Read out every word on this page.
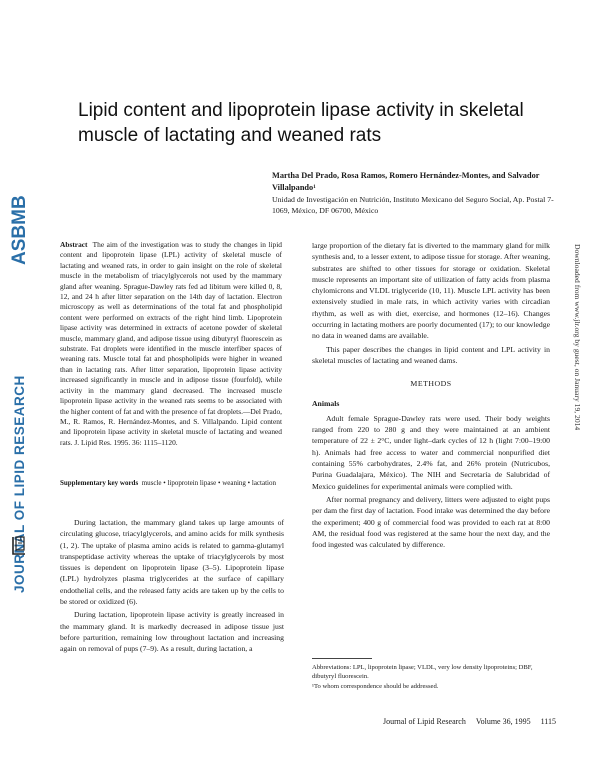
ASBMB
JOURNAL OF LIPID RESEARCH
Downloaded from www.jlr.org by guest, on January 19, 2014
Lipid content and lipoprotein lipase activity in skeletal muscle of lactating and weaned rats
Martha Del Prado, Rosa Ramos, Romero Hernández-Montes, and Salvador Villalpando¹
Unidad de Investigación en Nutrición, Instituto Mexicano del Seguro Social, Ap. Postal 7-1069, México, DF 06700, México
Abstract The aim of the investigation was to study the changes in lipid content and lipoprotein lipase (LPL) activity of skeletal muscle of lactating and weaned rats, in order to gain insight on the role of skeletal muscle in the metabolism of triacylglycerols not used by the mammary gland after weaning. Sprague-Dawley rats fed ad libitum were killed 0, 8, 12, and 24 h after litter separation on the 14th day of lactation. Electron microscopy as well as determinations of the total fat and phospholipid content were performed on extracts of the right hind limb. Lipoprotein lipase activity was determined in extracts of acetone powder of skeletal muscle, mammary gland, and adipose tissue using dibutyryl fluorescein as substrate. Fat droplets were identified in the muscle interfiber spaces of weaning rats. Muscle total fat and phospholipids were higher in weaned than in lactating rats. After litter separation, lipoprotein lipase activity increased significantly in muscle and in adipose tissue (fourfold), while activity in the mammary gland decreased. The increased muscle lipoprotein lipase activity in the weaned rats seems to be associated with the higher content of fat and with the presence of fat droplets.—Del Prado, M., R. Ramos, R. Hernández-Montes, and S. Villalpando. Lipid content and lipoprotein lipase activity in skeletal muscle of lactating and weaned rats. J. Lipid Res. 1995. 36: 1115–1120.
Supplementary key words muscle • lipoprotein lipase • weaning • lactation

During lactation, the mammary gland takes up large amounts of circulating glucose, triacylglycerols, and amino acids for milk synthesis (1, 2). The uptake of plasma amino acids is related to gamma-glutamyl transpeptidase activity whereas the uptake of triacylglycerols by most tissues is dependent on lipoprotein lipase (3–5). Lipoprotein lipase (LPL) hydrolyzes plasma triglycerides at the surface of capillary endothelial cells, and the released fatty acids are taken up by the cells to be stored or oxidized (6).

During lactation, lipoprotein lipase activity is greatly increased in the mammary gland. It is markedly decreased in adipose tissue just before parturition, remaining low throughout lactation and increasing again on removal of pups (7–9). As a result, during lactation, a

large proportion of the dietary fat is diverted to the mammary gland for milk synthesis and, to a lesser extent, to adipose tissue for storage. After weaning, substrates are shifted to other tissues for storage or oxidation. Skeletal muscle represents an important site of utilization of fatty acids from plasma chylomicrons and VLDL triglyceride (10, 11). Muscle LPL activity has been extensively studied in male rats, in which activity varies with circadian rhythm, as well as with diet, exercise, and hormones (12–16). Changes occurring in lactating mothers are poorly documented (17); to our knowledge no data in weaned dams are available.

This paper describes the changes in lipid content and LPL activity in skeletal muscles of lactating and weaned dams.

METHODS
Animals

Adult female Sprague-Dawley rats were used. Their body weights ranged from 220 to 280 g and they were maintained at an ambient temperature of 22 ± 2°C, under light–dark cycles of 12 h (light 7:00–19:00 h). Animals had free access to water and commercial nonpurified diet containing 55% carbohydrates, 2.4% fat, and 26% protein (Nutricubos, Purina Guadalajara, México). The NIH and Secretaría de Salubridad of Mexico guidelines for experimental animals were complied with.

After normal pregnancy and delivery, litters were adjusted to eight pups per dam the first day of lactation. Food intake was determined the day before the experiment; 400 g of commercial food was provided to each rat at 8:00 AM, the residual food was registered at the same hour the next day, and the food ingested was calculated by difference.

Abbreviations: LPL, lipoprotein lipase; VLDL, very low density lipoproteins; DBF, dibutyryl fluorescein.
¹To whom correspondence should be addressed.
Journal of Lipid Research Volume 36, 1995 1115
